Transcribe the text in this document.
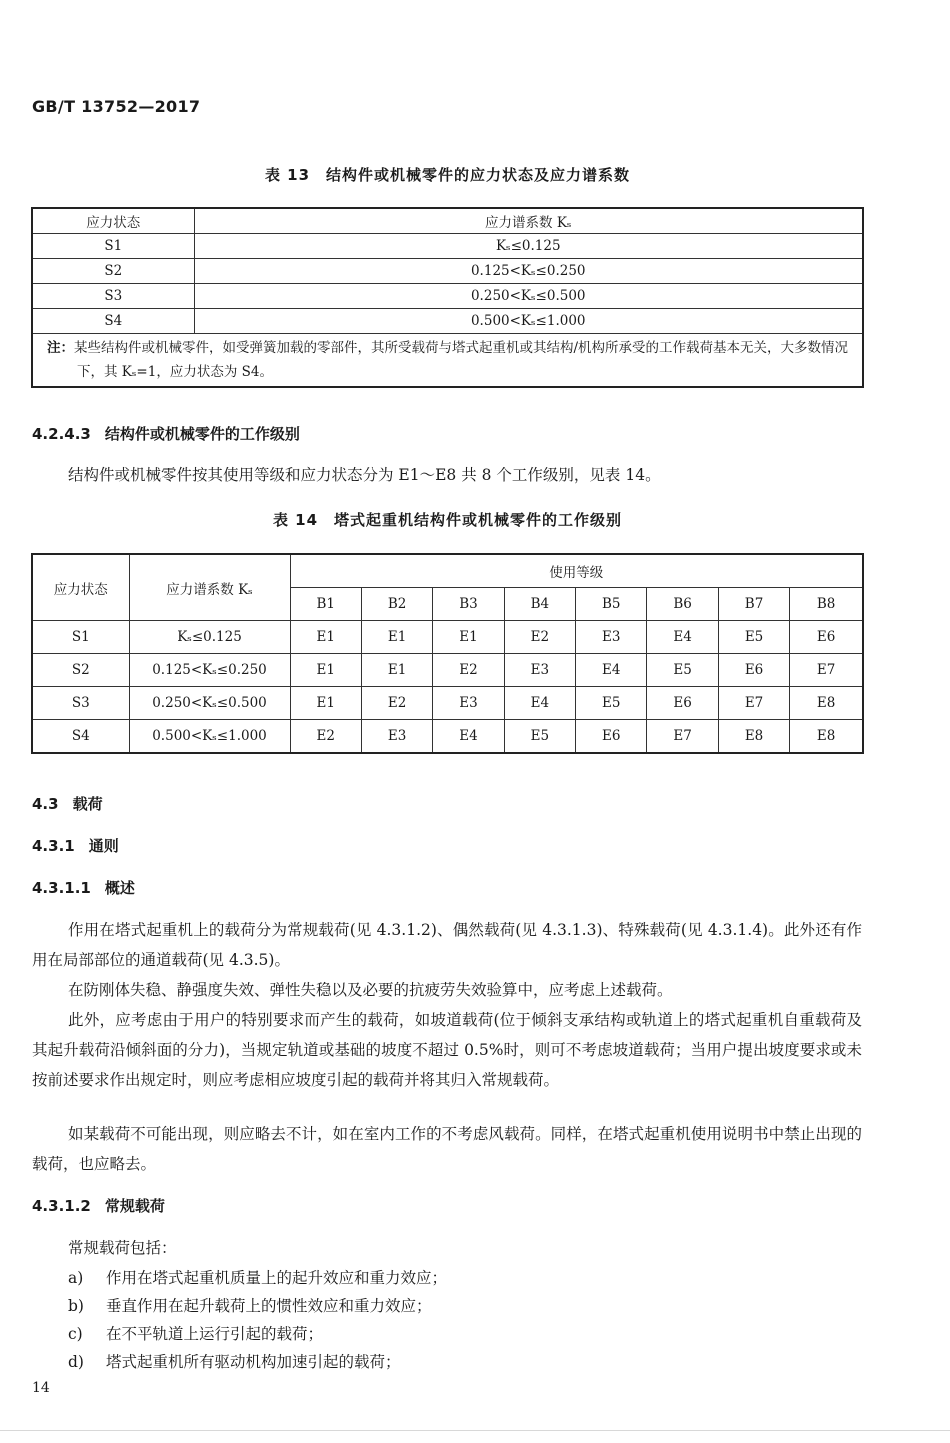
GB/T 13752—2017
表 13　结构件或机械零件的应力状态及应力谱系数
应力状态	应力谱系数 Kₛ
S1	Kₛ≤0.125
S2	0.125<Kₛ≤0.250
S3	0.250<Kₛ≤0.500
S4	0.500<Kₛ≤1.000
注：某些结构件或机械零件，如受弹簧加载的零部件，其所受载荷与塔式起重机或其结构/机构所承受的工作载荷基本无关，大多数情况下，其 Kₛ=1，应力状态为 S4。	
4.2.4.3 结构件或机械零件的工作级别
结构件或机械零件按其使用等级和应力状态分为 E1～E8 共 8 个工作级别，见表 14。
表 14　塔式起重机结构件或机械零件的工作级别
应力状态	应力谱系数 Kₛ	使用等级							
		B1	B2	B3	B4	B5	B6	B7	B8
S1	Kₛ≤0.125	E1	E1	E1	E2	E3	E4	E5	E6
S2	0.125<Kₛ≤0.250	E1	E1	E2	E3	E4	E5	E6	E7
S3	0.250<Kₛ≤0.500	E1	E2	E3	E4	E5	E6	E7	E8
S4	0.500<Kₛ≤1.000	E2	E3	E4	E5	E6	E7	E8	E8
4.3 载荷
4.3.1 通则
4.3.1.1 概述
作用在塔式起重机上的载荷分为常规载荷(见 4.3.1.2)、偶然载荷(见 4.3.1.3)、特殊载荷(见 4.3.1.4)。此外还有作用在局部部位的通道载荷(见 4.3.5)。
在防刚体失稳、静强度失效、弹性失稳以及必要的抗疲劳失效验算中，应考虑上述载荷。
此外，应考虑由于用户的特别要求而产生的载荷，如坡道载荷(位于倾斜支承结构或轨道上的塔式起重机自重载荷及其起升载荷沿倾斜面的分力)，当规定轨道或基础的坡度不超过 0.5%时，则可不考虑坡道载荷；当用户提出坡度要求或未按前述要求作出规定时，则应考虑相应坡度引起的载荷并将其归入常规载荷。
如某载荷不可能出现，则应略去不计，如在室内工作的不考虑风载荷。同样，在塔式起重机使用说明书中禁止出现的载荷，也应略去。
4.3.1.2 常规载荷
常规载荷包括：
a) 作用在塔式起重机质量上的起升效应和重力效应；
b) 垂直作用在起升载荷上的惯性效应和重力效应；
c) 在不平轨道上运行引起的载荷；
d) 塔式起重机所有驱动机构加速引起的载荷；
14
